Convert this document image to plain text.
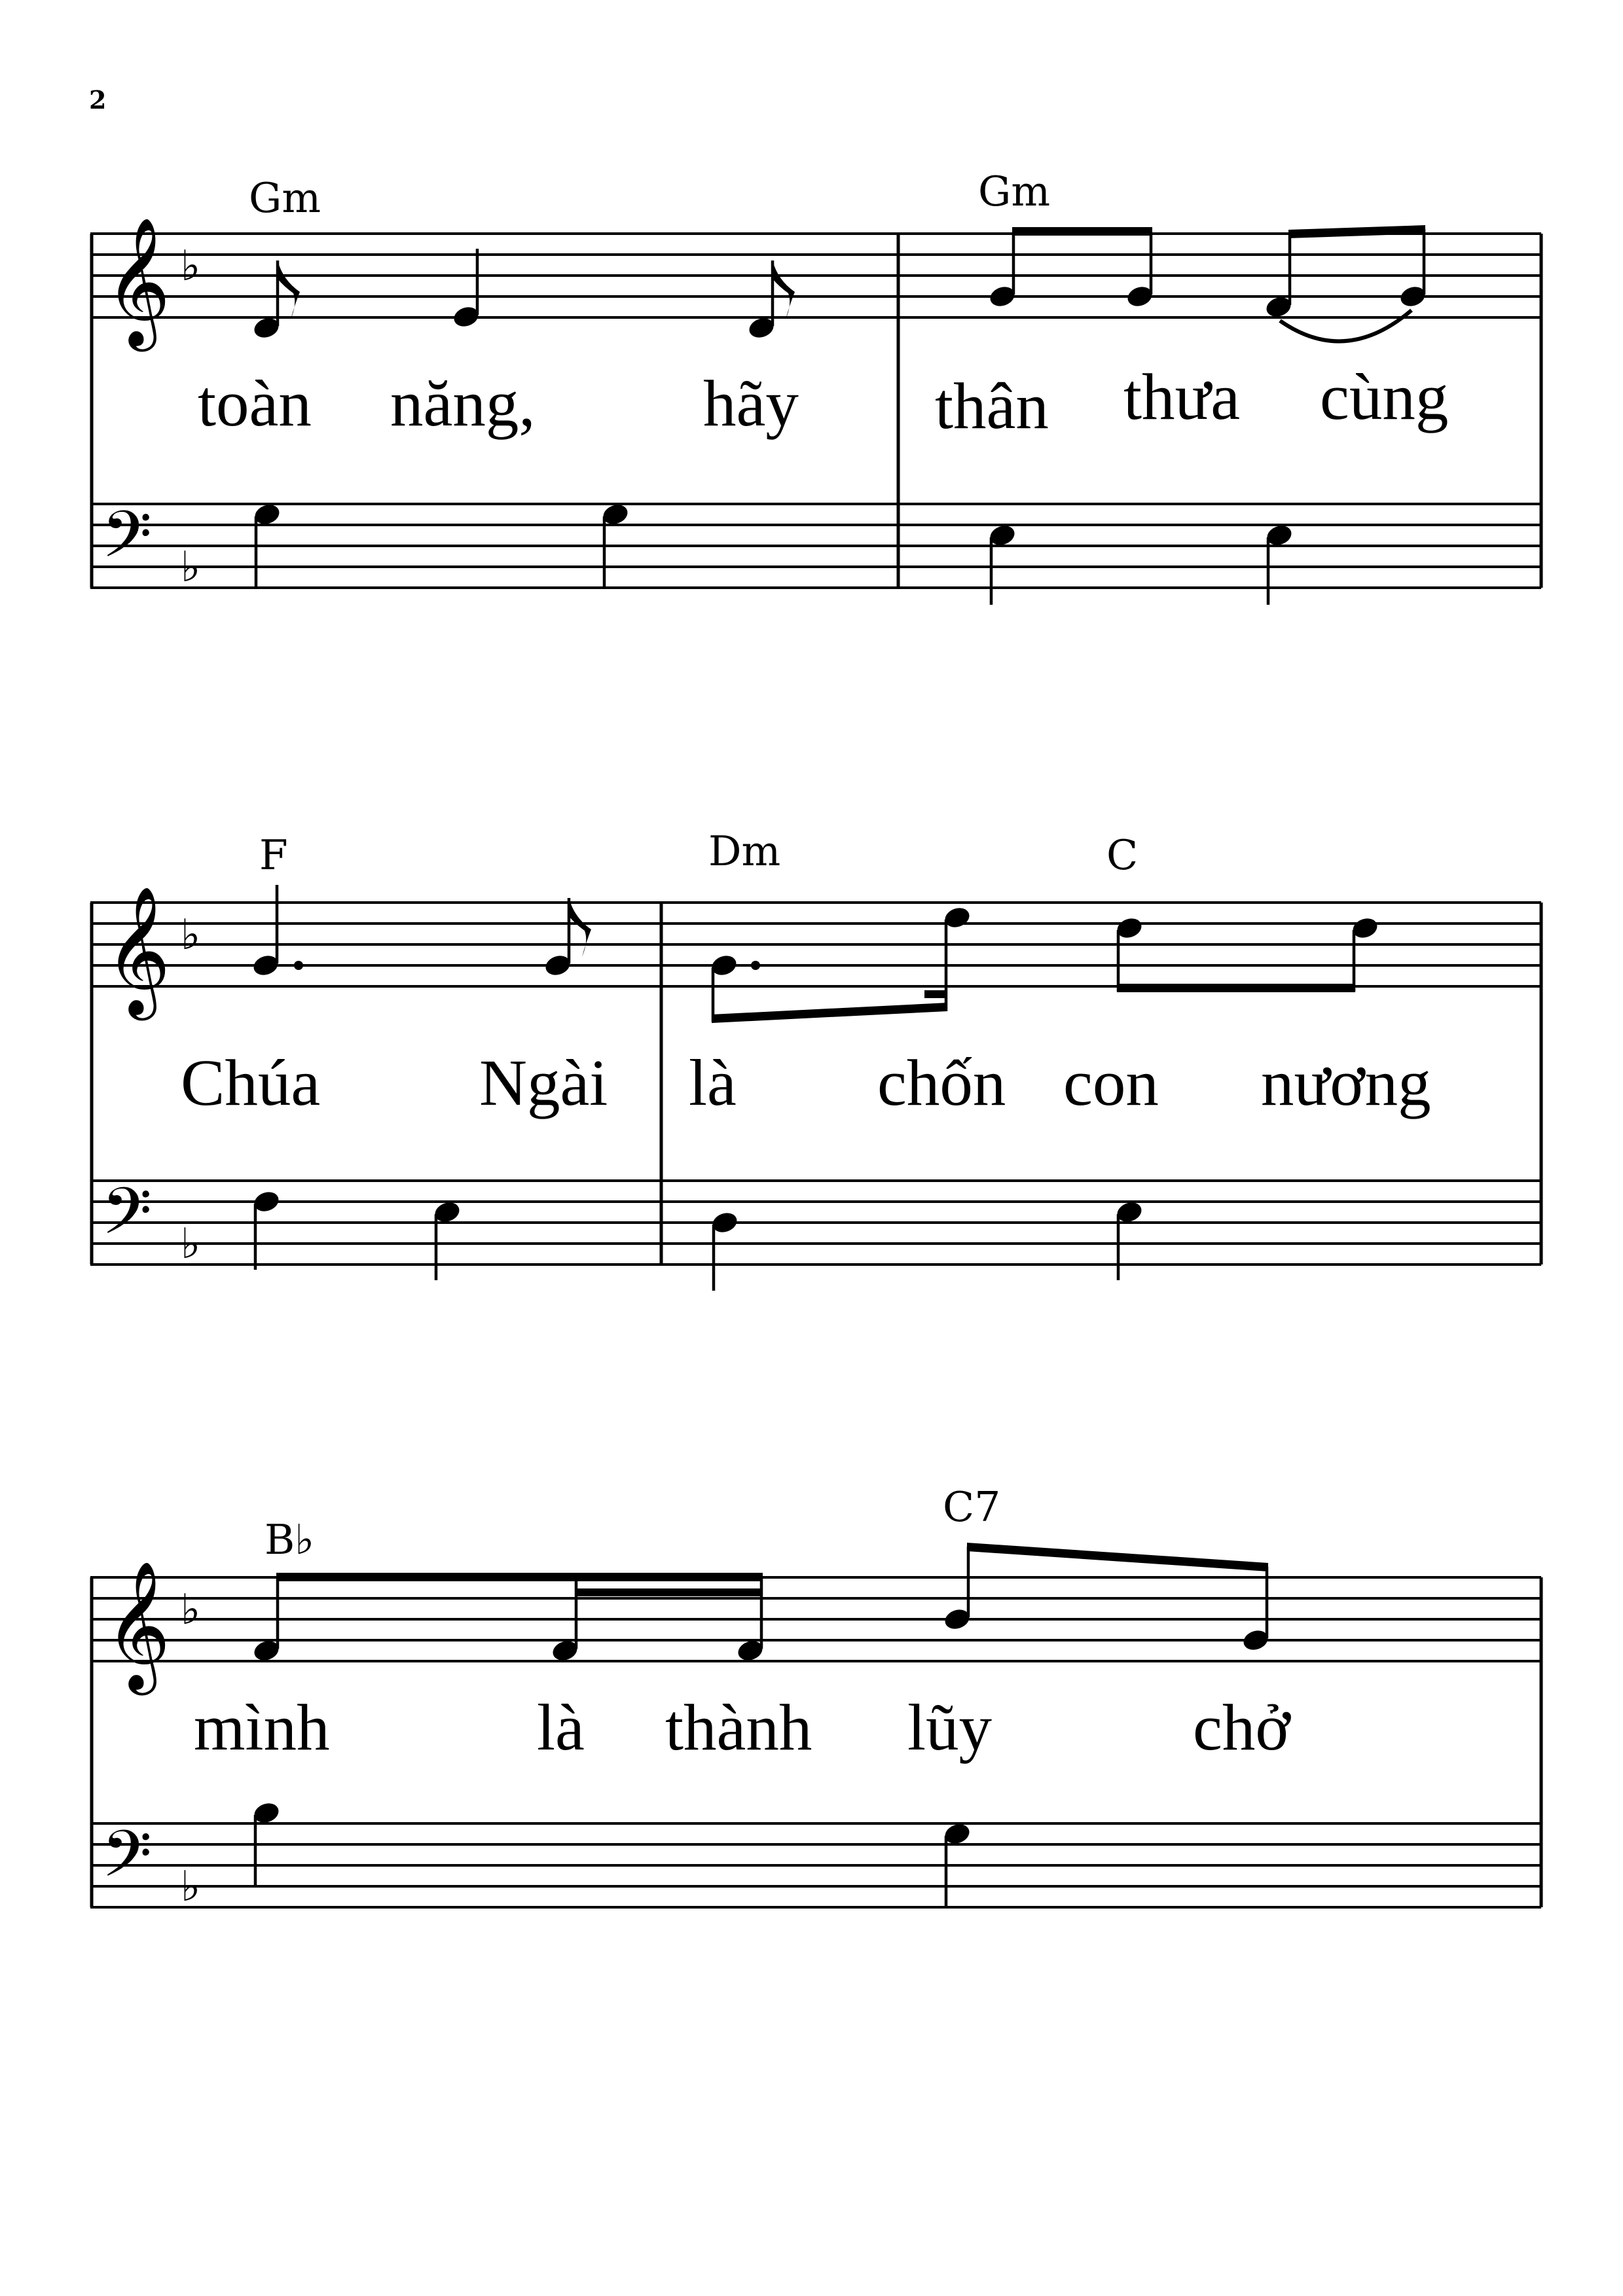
2
𝄞
𝄢
♭
♭
Gm	Gm
toàn năng,	hãy thân thưa cùng
𝄞
𝄢
♭
♭
F	Dm	C
Chúa Ngài là chốn con nương
𝄞
𝄢
♭
♭
B♭
C7
mình	là thành lũy	chở
